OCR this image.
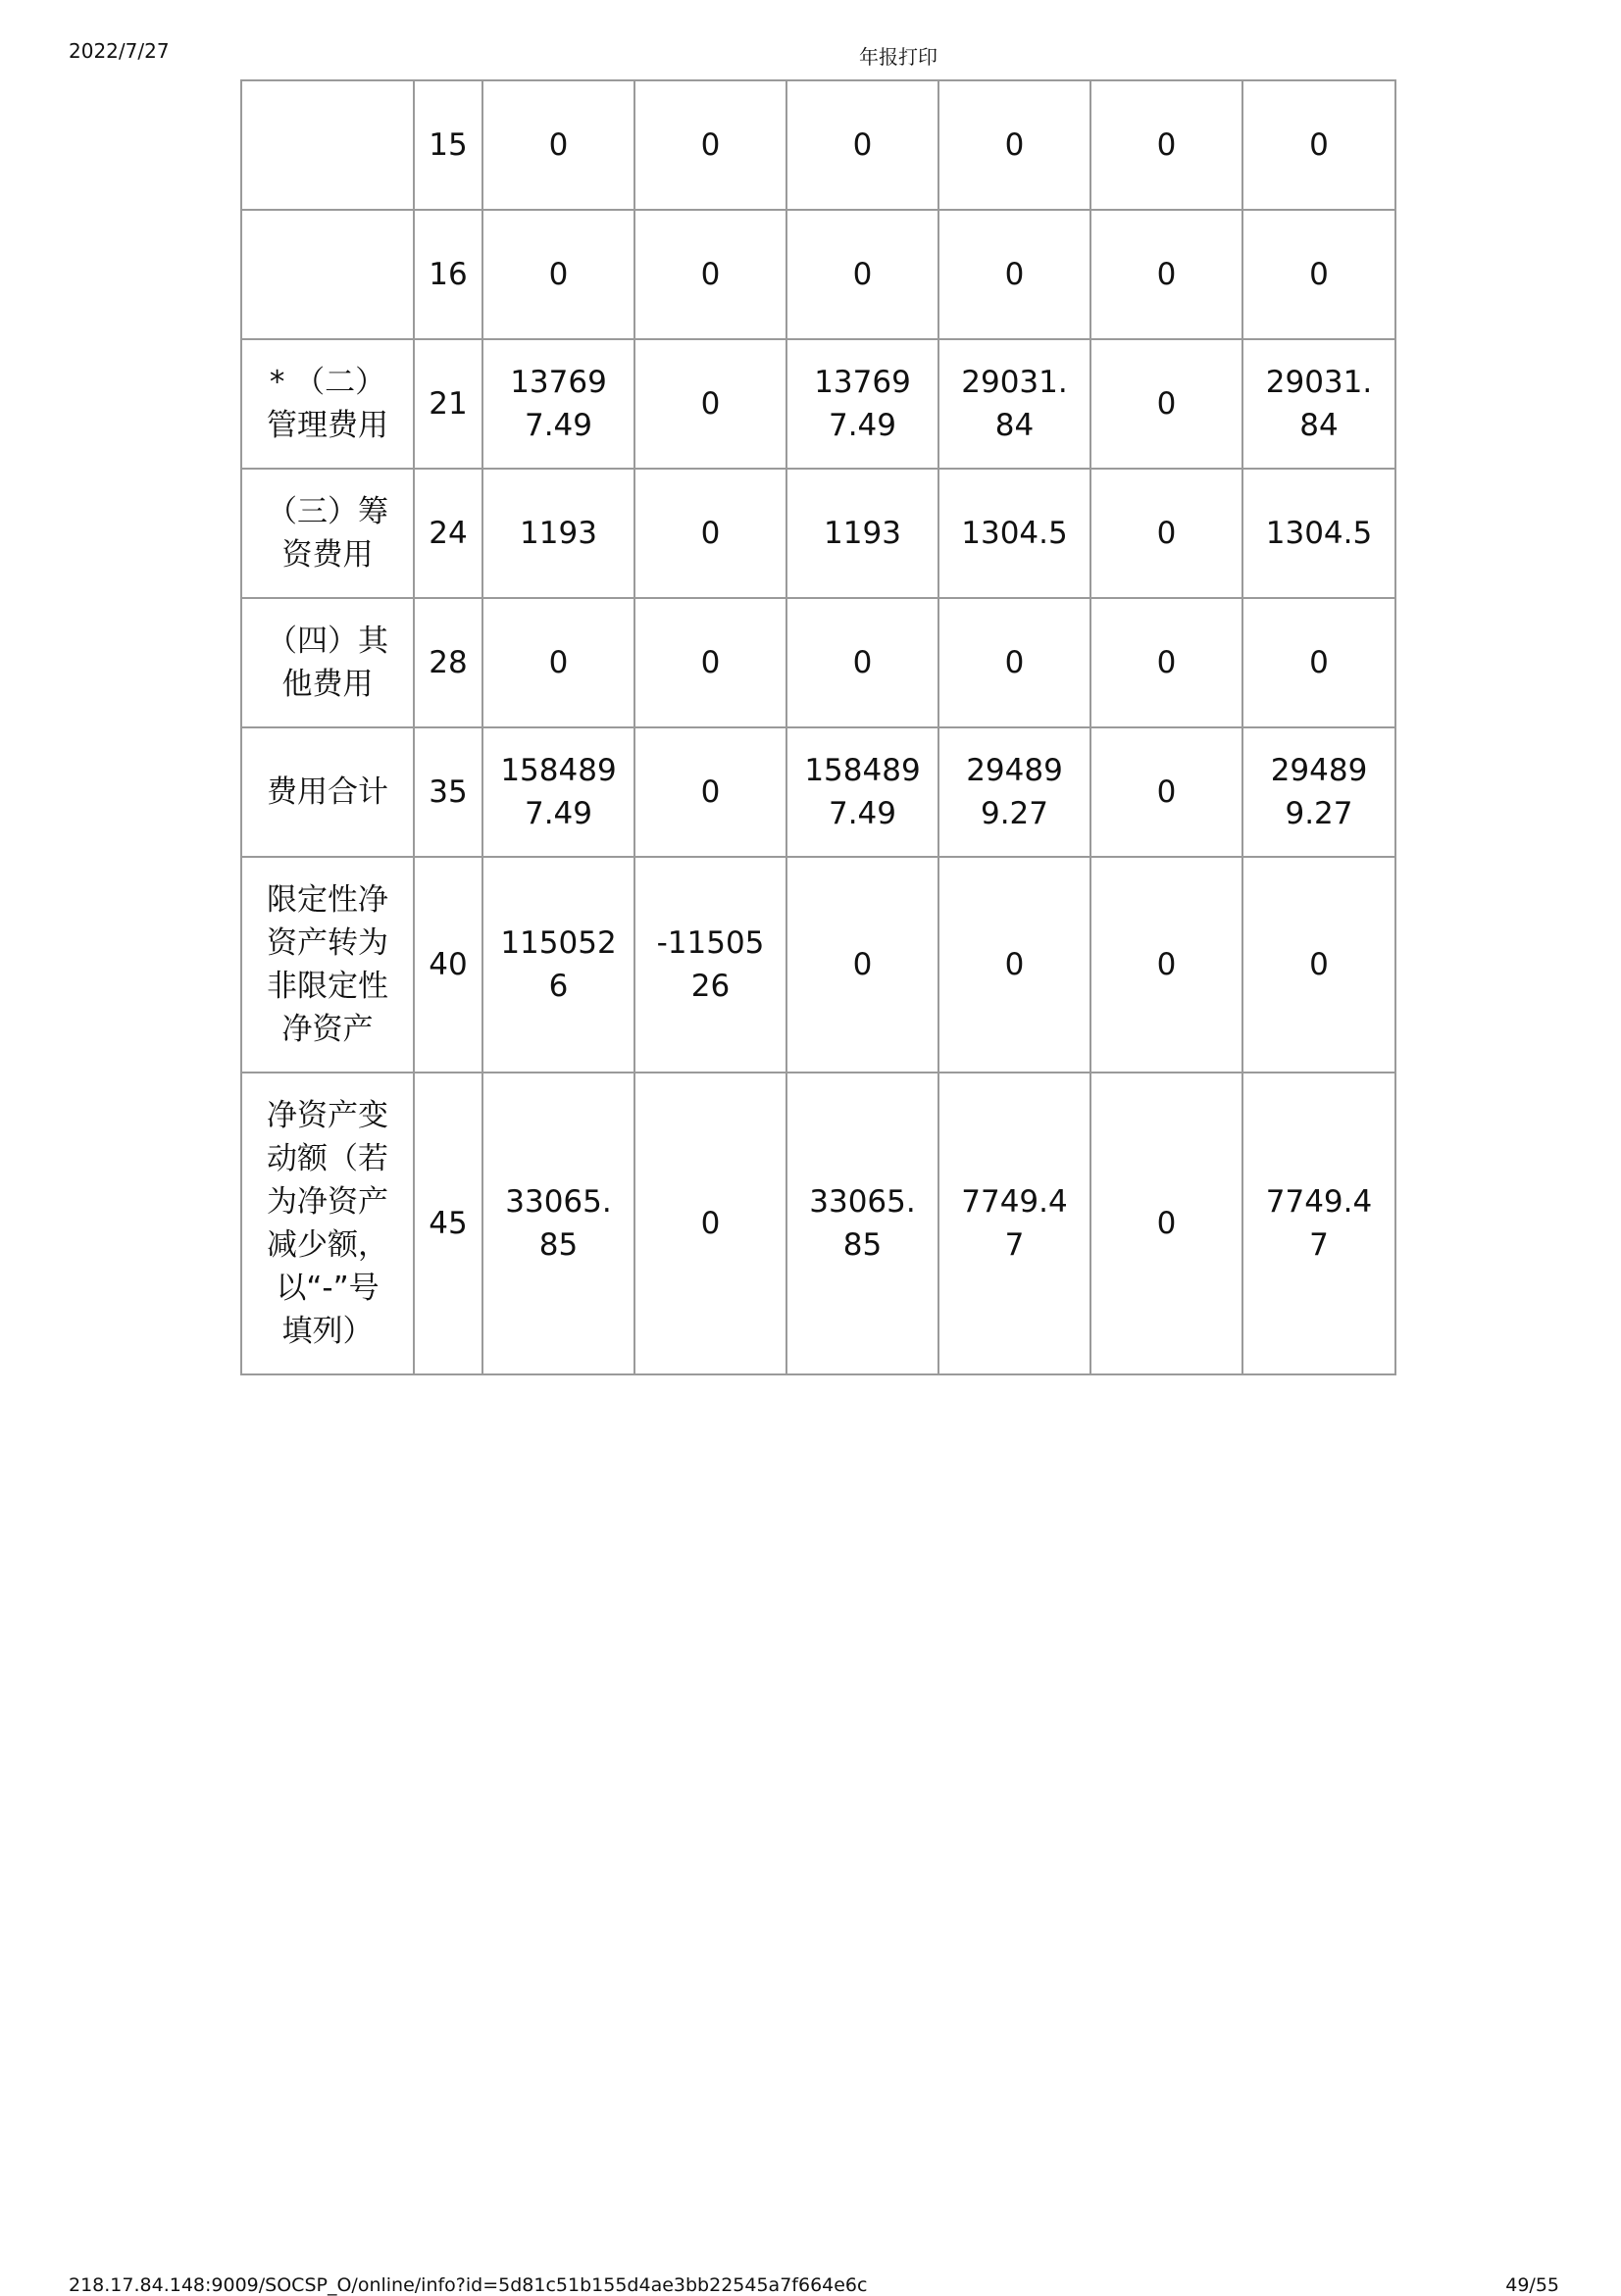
2022/7/27	年报打印
	15	0	0	0	0	0	0
	16	0	0	0	0	0	0
* （二）管理费用	21	137697.49	0	137697.49	29031.84	0	29031.84
（三）筹资费用	24	1193	0	1193	1304.5	0	1304.5
（四）其他费用	28	0	0	0	0	0	0
费用合计	35	1584897.49	0	1584897.49	294899.27	0	294899.27
限定性净资产转为非限定性净资产	40	1150526	-1150526	0	0	0	0
净资产变动额（若为净资产减少额，以“-”号填列）	45	33065.85	0	33065.85	7749.47	0	7749.47
218.17.84.148:9009/SOCSP_O/online/info?id=5d81c51b155d4ae3bb22545a7f664e6c	49/55
